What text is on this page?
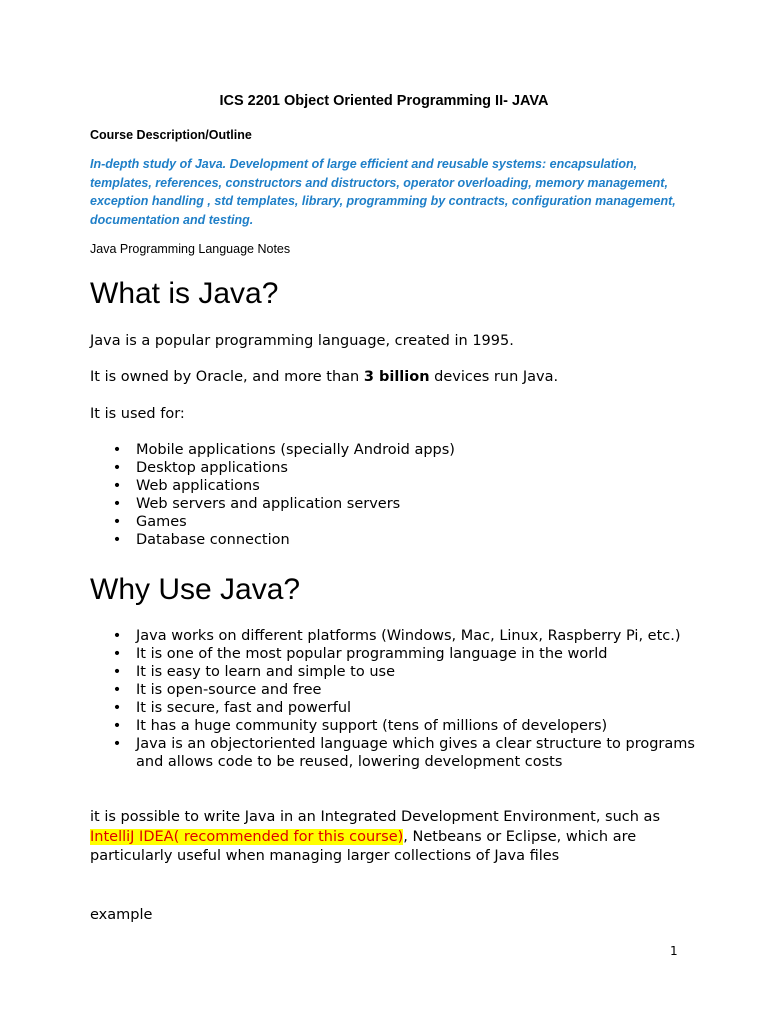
ICS 2201 Object Oriented Programming II- JAVA
Course Description/Outline
In-depth study of Java. Development of large efficient and reusable systems: encapsulation, templates, references, constructors and distructors, operator overloading, memory management, exception handling , std templates, library, programming by contracts, configuration management, documentation and testing.
Java Programming Language Notes
What is Java?
Java is a popular programming language, created in 1995.
It is owned by Oracle, and more than 3 billion devices run Java.
It is used for:
• Mobile applications (specially Android apps)
• Desktop applications
• Web applications
• Web servers and application servers
• Games
• Database connection
Why Use Java?
• Java works on different platforms (Windows, Mac, Linux, Raspberry Pi, etc.)
• It is one of the most popular programming language in the world
• It is easy to learn and simple to use
• It is open-source and free
• It is secure, fast and powerful
• It has a huge community support (tens of millions of developers)
• Java is an objectoriented language which gives a clear structure to programs and allows code to be reused, lowering development costs
it is possible to write Java in an Integrated Development Environment, such as IntelliJ IDEA( recommended for this course), Netbeans or Eclipse, which are particularly useful when managing larger collections of Java files
example
1
